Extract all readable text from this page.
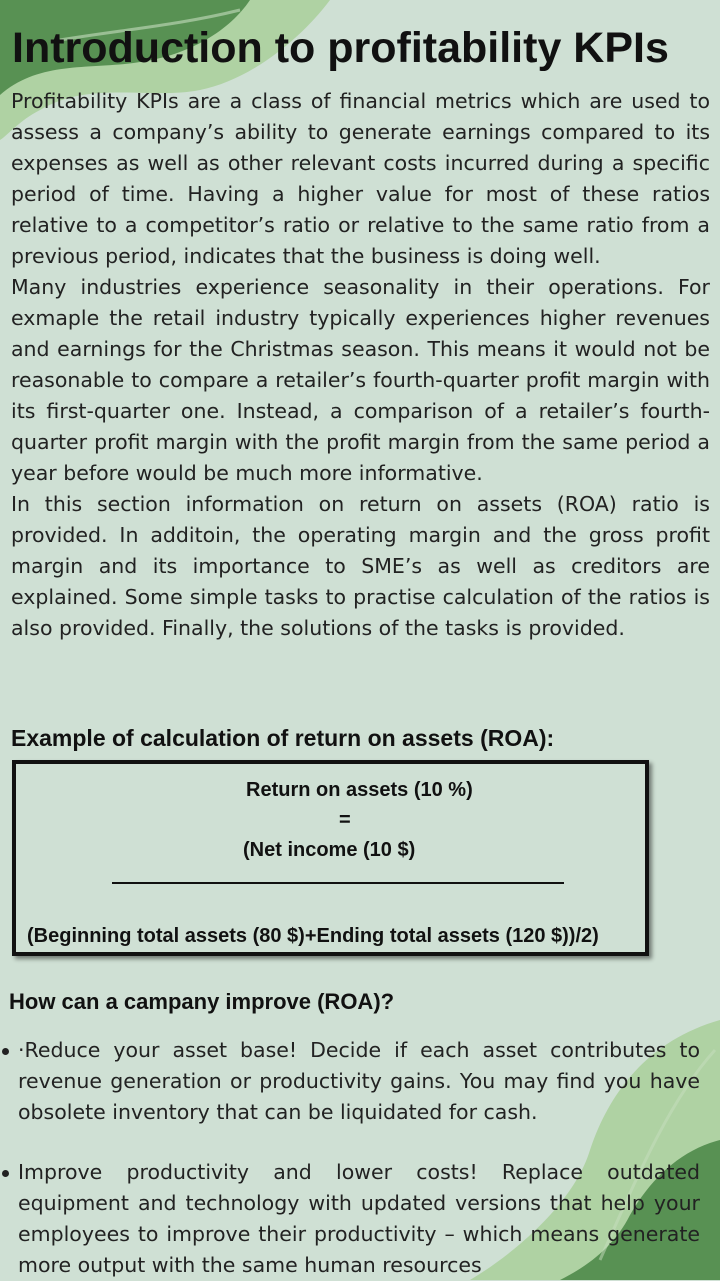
Introduction to profitability KPIs

Profitability KPIs are a class of financial metrics which are used to assess a company’s ability to generate earnings compared to its expenses as well as other relevant costs incurred during a specific period of time. Having a higher value for most of these ratios relative to a competitor’s ratio or relative to the same ratio from a previous period, indicates that the business is doing well.

Many industries experience seasonality in their operations. For exmaple the retail industry typically experiences higher revenues and earnings for the Christmas season. This means it would not be reasonable to compare a retailer’s fourth-quarter profit margin with its first-quarter one. Instead, a comparison of a retailer’s fourth-quarter profit margin with the profit margin from the same period a year before would be much more informative.

In this section information on return on assets (ROA) ratio is provided. In additoin, the operating margin and the gross profit margin and its importance to SME’s as well as creditors are explained. Some simple tasks to practise calculation of the ratios is also provided. Finally, the solutions of the tasks is provided.

Example of calculation of return on assets (ROA):
Return on assets (10 %)
=
(Net income (10 $)
(Beginning total assets (80 $)+Ending total assets (120 $))/2)
How can a campany improve (ROA)?
·Reduce your asset base! Decide if each asset contributes to revenue generation or productivity gains. You may find you have obsolete inventory that can be liquidated for cash.
Improve productivity and lower costs! Replace outdated equipment and technology with updated versions that help your employees to improve their productivity – which means generate more output with the same human resources
